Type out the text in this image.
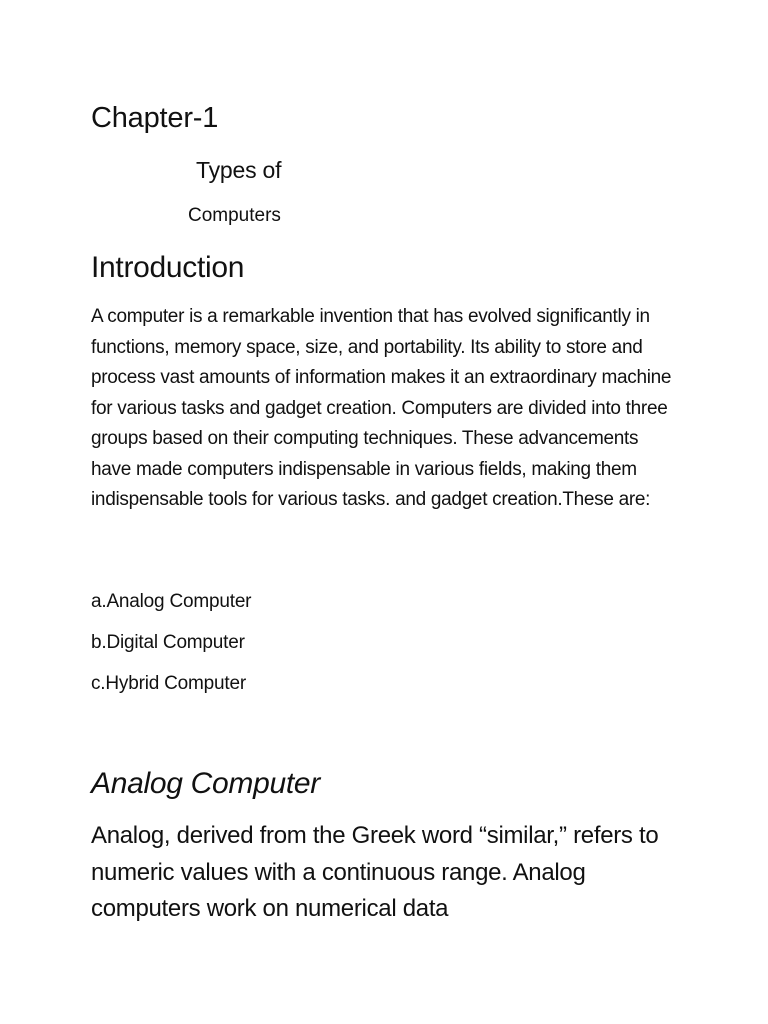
Chapter-1
Types of
Computers
Introduction

A computer is a remarkable invention that has evolved significantly in functions, memory space, size, and portability. Its ability to store and process vast amounts of information makes it an extraordinary machine for various tasks and gadget creation. Computers are divided into three groups based on their computing techniques. These advancements have made computers indispensable in various fields, making them indispensable tools for various tasks. and gadget creation.These are:

a.Analog Computer
b.Digital Computer
c.Hybrid Computer
Analog Computer

Analog, derived from the Greek word “similar,” refers to numeric values with a continuous range. Analog computers work on numerical data
